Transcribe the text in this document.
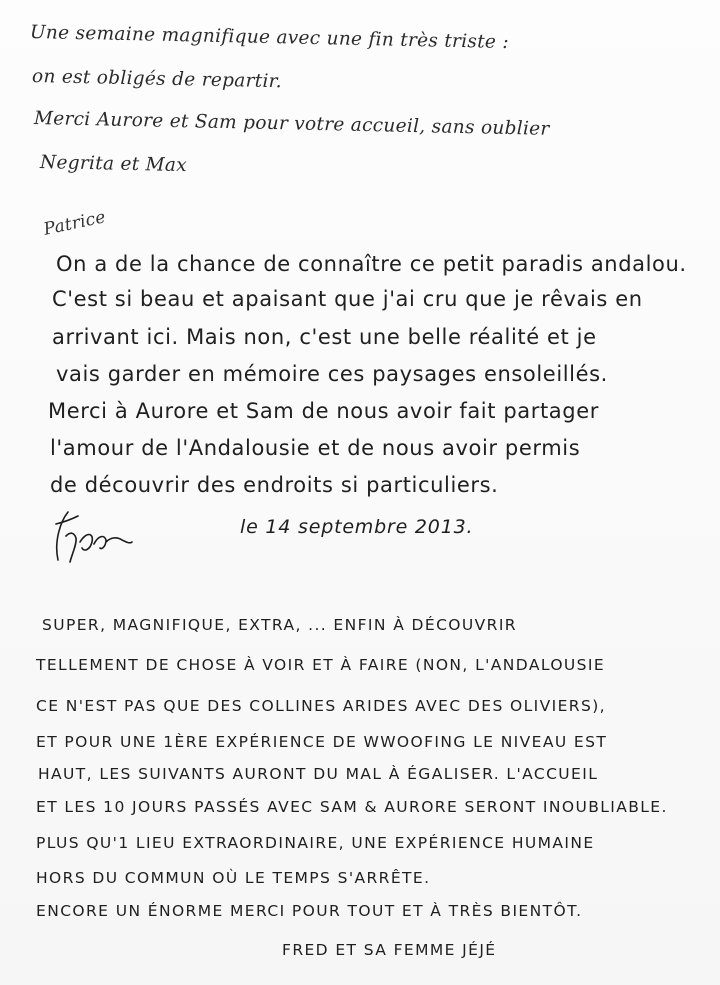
Une semaine magnifique avec une fin très triste :
on est obligés de repartir.
Merci Aurore et Sam pour votre accueil, sans oublier
Negrita et Max
Patrice
On a de la chance de connaître ce petit paradis andalou.
C'est si beau et apaisant que j'ai cru que je rêvais en
arrivant ici. Mais non, c'est une belle réalité et je
vais garder en mémoire ces paysages ensoleillés.
Merci à Aurore et Sam de nous avoir fait partager
l'amour de l'Andalousie et de nous avoir permis
de découvrir des endroits si particuliers.
le 14 septembre 2013.
SUPER, MAGNIFIQUE, EXTRA, ... ENFIN À DÉCOUVRIR
TELLEMENT DE CHOSE À VOIR ET À FAIRE (NON, L'ANDALOUSIE
CE N'EST PAS QUE DES COLLINES ARIDES AVEC DES OLIVIERS),
ET POUR UNE 1ÈRE EXPÉRIENCE DE WWOOFING LE NIVEAU EST
HAUT, LES SUIVANTS AURONT DU MAL À ÉGALISER. L'ACCUEIL
ET LES 10 JOURS PASSÉS AVEC SAM & AURORE SERONT INOUBLIABLE.
PLUS QU'1 LIEU EXTRAORDINAIRE, UNE EXPÉRIENCE HUMAINE
HORS DU COMMUN OÙ LE TEMPS S'ARRÊTE.
ENCORE UN ÉNORME MERCI POUR TOUT ET À TRÈS BIENTÔT.
FRED ET SA FEMME JÉJÉ
